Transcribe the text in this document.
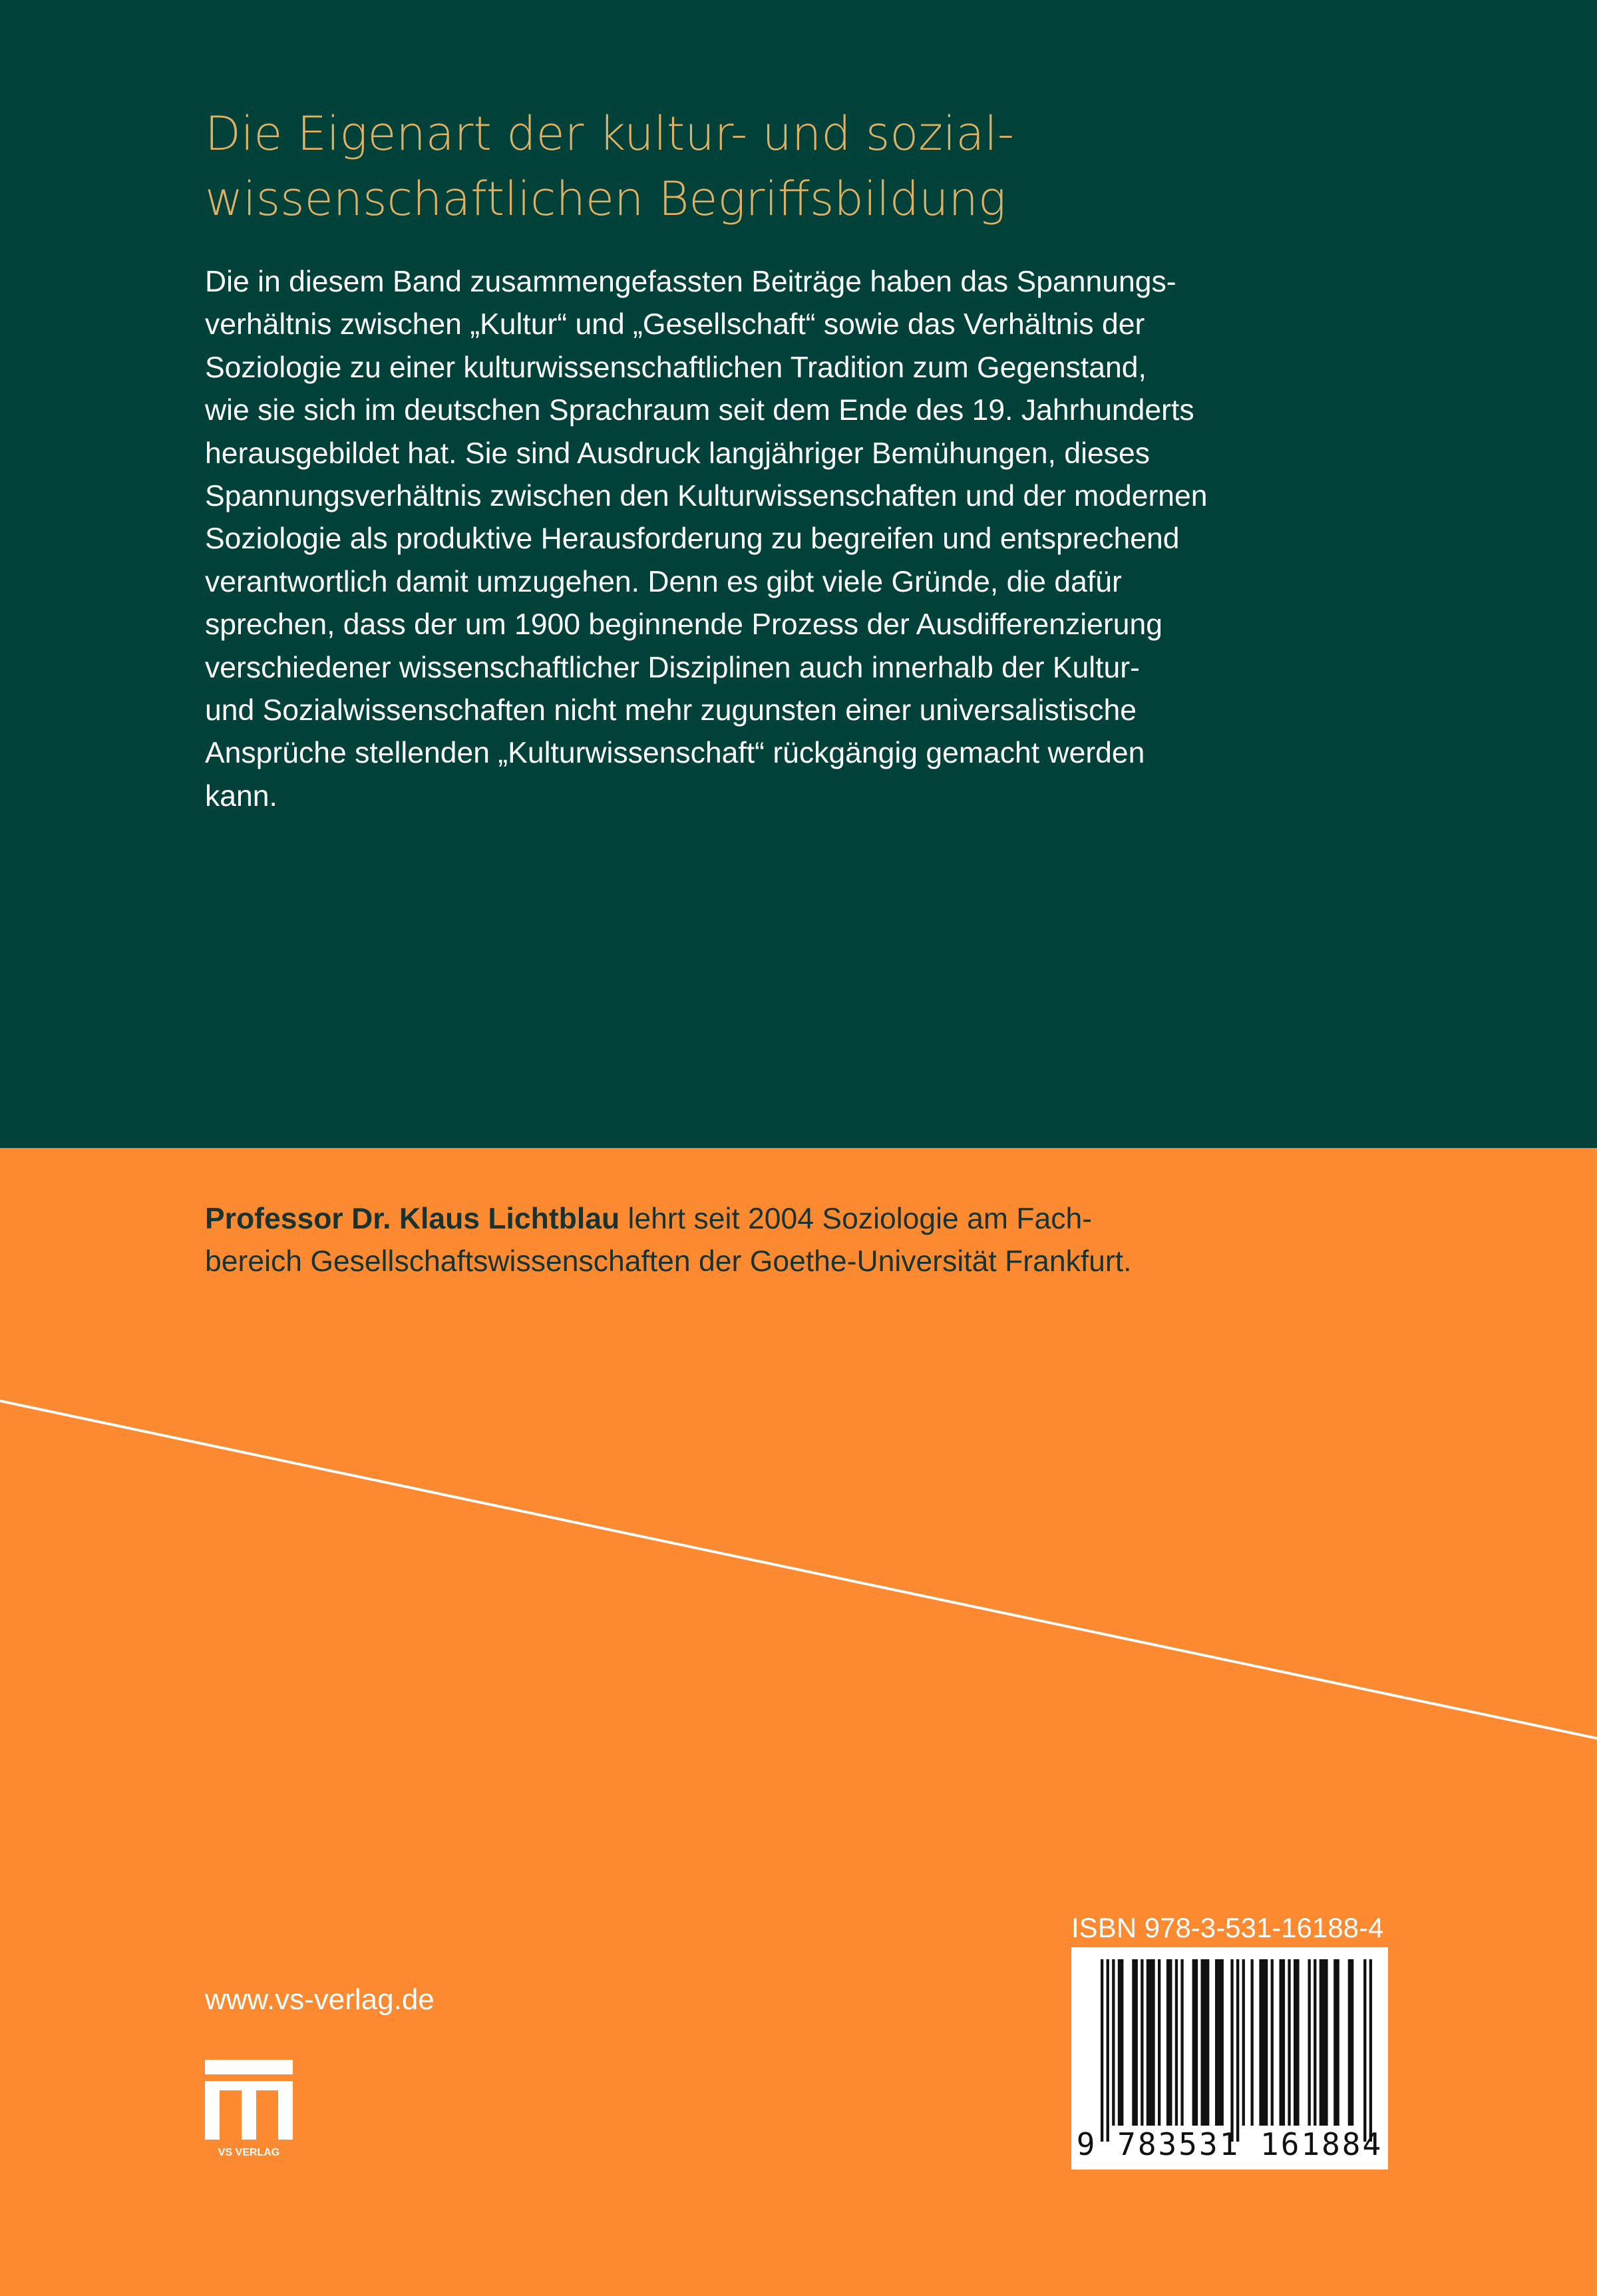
Die Eigenart der kultur- und sozial-
wissenschaftlichen Begriffsbildung
Die in diesem Band zusammengefassten Beiträge haben das Spannungs-
verhältnis zwischen „Kultur“ und „Gesellschaft“ sowie das Verhältnis der
Soziologie zu einer kulturwissenschaftlichen Tradition zum Gegenstand,
wie sie sich im deutschen Sprachraum seit dem Ende des 19. Jahrhunderts
herausgebildet hat. Sie sind Ausdruck langjähriger Bemühungen, dieses
Spannungsverhältnis zwischen den Kulturwissenschaften und der modernen
Soziologie als produktive Herausforderung zu begreifen und entsprechend
verantwortlich damit umzugehen. Denn es gibt viele Gründe, die dafür
sprechen, dass der um 1900 beginnende Prozess der Ausdifferenzierung
verschiedener wissenschaftlicher Disziplinen auch innerhalb der Kultur-
und Sozialwissenschaften nicht mehr zugunsten einer universalistische
Ansprüche stellenden „Kulturwissenschaft“ rückgängig gemacht werden
kann.
Professor Dr. Klaus Lichtblau lehrt seit 2004 Soziologie am Fach-
bereich Gesellschaftswissenschaften der Goethe-Universität Frankfurt.
www.vs-verlag.de
VS VERLAG
ISBN 978-3-531-16188-4
9 783531 161884
